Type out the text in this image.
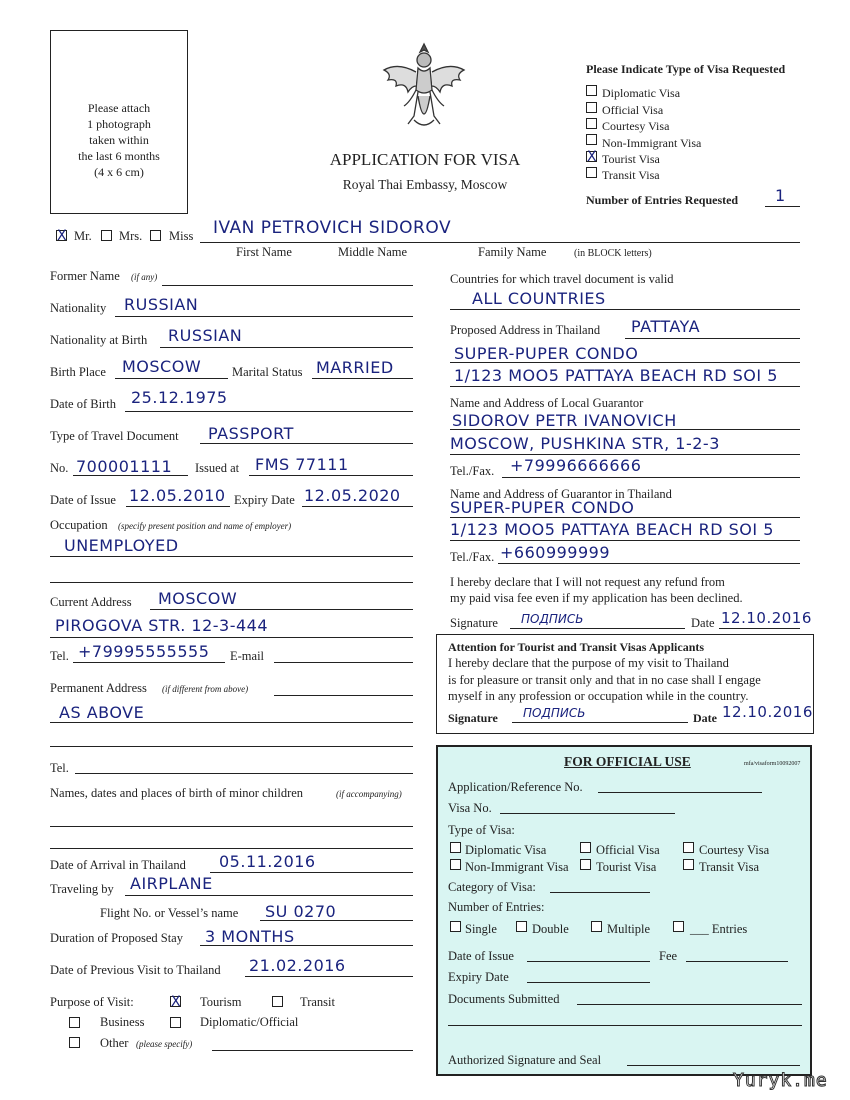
Please attach
1 photograph
taken within
the last 6 months
(4 x 6 cm)
APPLICATION FOR VISA
Royal Thai Embassy, Moscow
Please Indicate Type of Visa Requested
Diplomatic Visa
Official Visa
Courtesy Visa
Non-Immigrant Visa
X Tourist Visa
Transit Visa
Number of Entries Requested 1
X Mr. Mrs. Miss IVAN PETROVICH SIDOROV
First Name	Middle Name	Family Name	(in BLOCK letters)
Former Name (if any)
Nationality RUSSIAN
Nationality at Birth RUSSIAN
Birth Place MOSCOW Marital Status MARRIED
Date of Birth 25.12.1975
Type of Travel Document PASSPORT
No. 700001111 Issued at FMS 77111
Date of Issue 12.05.2010 Expiry Date 12.05.2020
Occupation (specify present position and name of employer)
UNEMPLOYED
Current Address MOSCOW
PIROGOVA STR. 12-3-444
Tel. +79995555555 E-mail
Permanent Address (if different from above)
AS ABOVE
Tel.
Names, dates and places of birth of minor children	(if accompanying)
Date of Arrival in Thailand 05.11.2016
Traveling by AIRPLANE
Flight No. or Vessel’s name SU 0270
Duration of Proposed Stay 3 MONTHS
Date of Previous Visit to Thailand 21.02.2016
Purpose of Visit:	X Tourism	Transit
Business	Diplomatic/Official
Other (please specify)
Countries for which travel document is valid
ALL COUNTRIES
Proposed Address in Thailand PATTAYA
SUPER-PUPER CONDO
1/123 MOO5 PATTAYA BEACH RD SOI 5
Name and Address of Local Guarantor
SIDOROV PETR IVANOVICH
MOSCOW, PUSHKINA STR, 1-2-3
Tel./Fax. +79996666666
Name and Address of Guarantor in Thailand
SUPER-PUPER CONDO
1/123 MOO5 PATTAYA BEACH RD SOI 5
Tel./Fax. +660999999
I hereby declare that I will not request any refund from
my paid visa fee even if my application has been declined.
Signature ПОДПИСЬ	Date 12.10.2016
Attention for Tourist and Transit Visas Applicants
I hereby declare that the purpose of my visit to Thailand
is for pleasure or transit only and that in no case shall I engage
myself in any profession or occupation while in the country.
Signature ПОДПИСЬ	Date 12.10.2016
FOR OFFICIAL USE	mfa/visaform10092007
Application/Reference No.
Visa No.
Type of Visa:
Diplomatic Visa	Official Visa	Courtesy Visa
Non-Immigrant Visa Tourist Visa	Transit Visa
Category of Visa:
Number of Entries:
Single	Double	Multiple	___ Entries
Date of Issue	Fee
Expiry Date
Documents Submitted
Authorized Signature and Seal
Yuryk.me
